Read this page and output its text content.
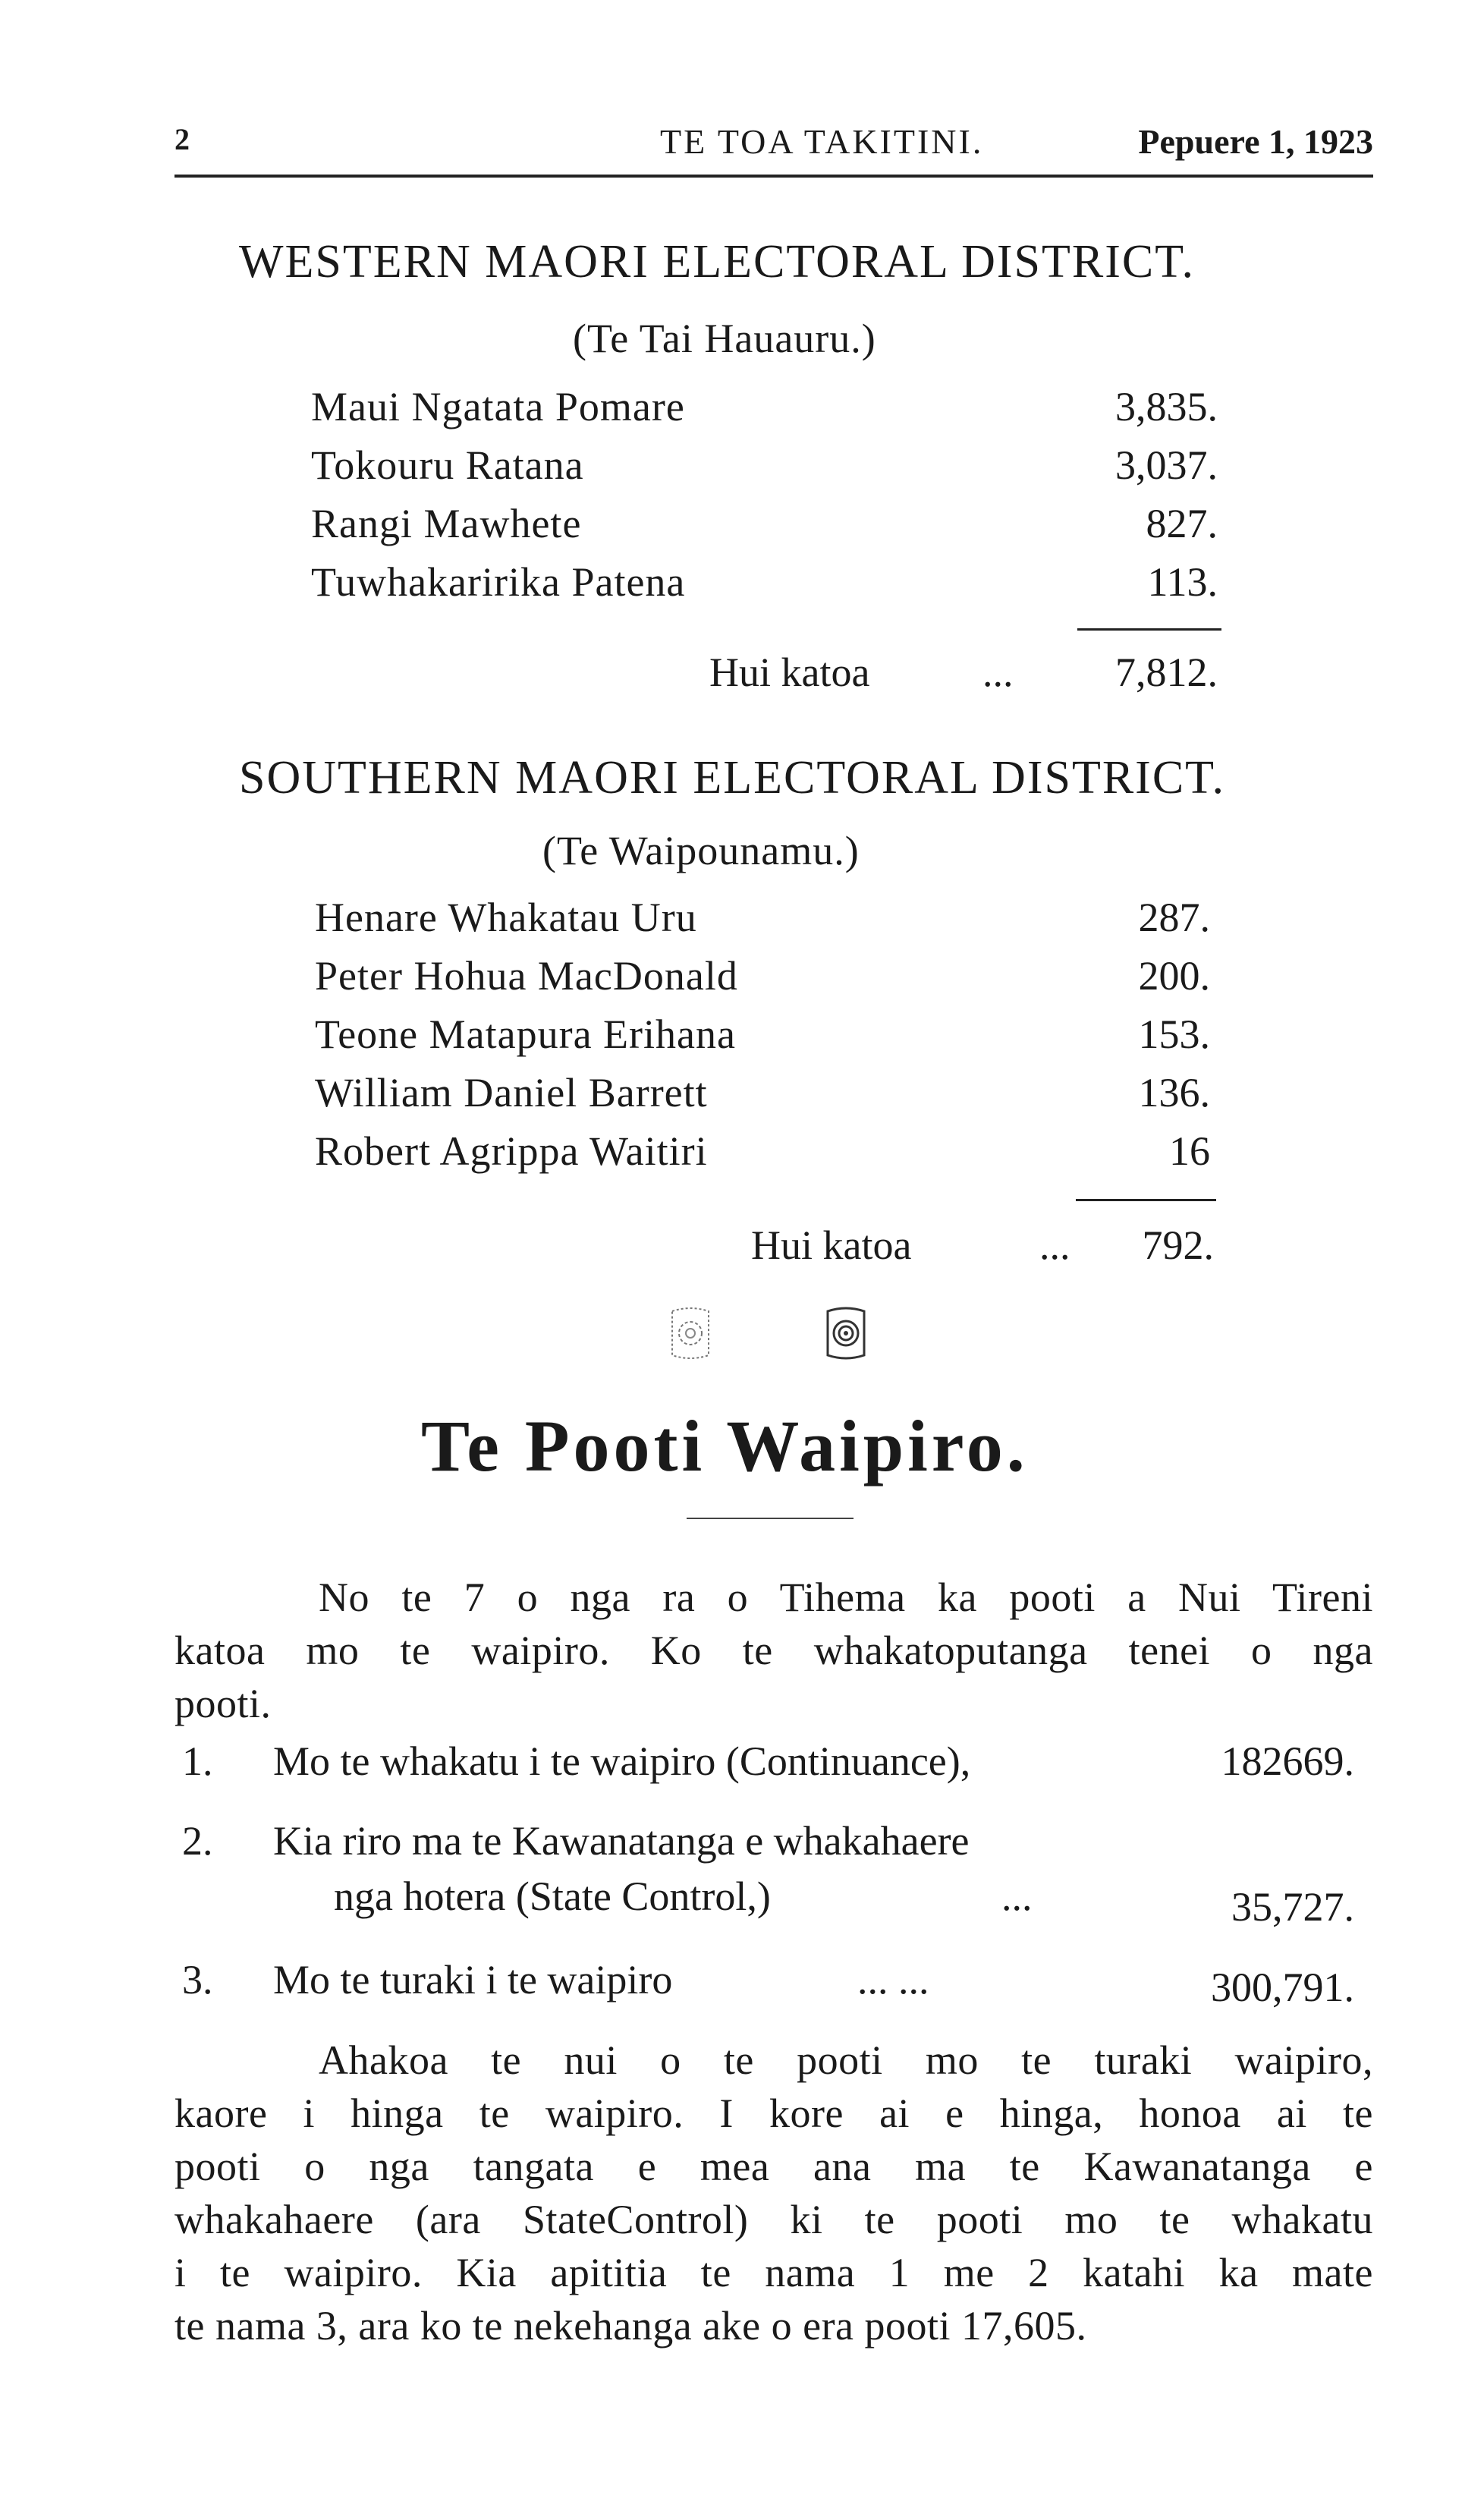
2	TE TOA TAKITINI.	Pepuere 1, 1923
WESTERN MAORI ELECTORAL DISTRICT.
(Te Tai Hauauru.)
Maui Ngatata Pomare	3,835.
Tokouru Ratana	3,037.
Rangi Mawhete	827.
Tuwhakaririka Patena	113.
Hui katoa	... 7,812.
SOUTHERN MAORI ELECTORAL DISTRICT.
(Te Waipounamu.)
Henare Whakatau Uru	287.
Peter Hohua MacDonald	200.
Teone Matapura Erihana	153.
William Daniel Barrett	136.
Robert Agrippa Waitiri	16
Hui katoa	... 792.
Te Pooti Waipiro.
No te 7 o nga ra o Tihema ka pooti a Nui Tireni
katoa mo te waipiro. Ko te whakatoputanga tenei o nga
pooti.
1. Mo te whakatu i te waipiro (Continuance),	182669.
2. Kia riro ma te Kawanatanga e whakahaere
nga hotera (State Control,)	...	35,727.
3. Mo te turaki i te waipiro	... ...	300,791.
Ahakoa te nui o te pooti mo te turaki waipiro,
kaore i hinga te waipiro. I kore ai e hinga, honoa ai te
pooti o nga tangata e mea ana ma te Kawanatanga e
whakahaere (ara StateControl) ki te pooti mo te whakatu
i te waipiro. Kia apititia te nama 1 me 2 katahi ka mate
te nama 3, ara ko te nekehanga ake o era pooti 17,605.
